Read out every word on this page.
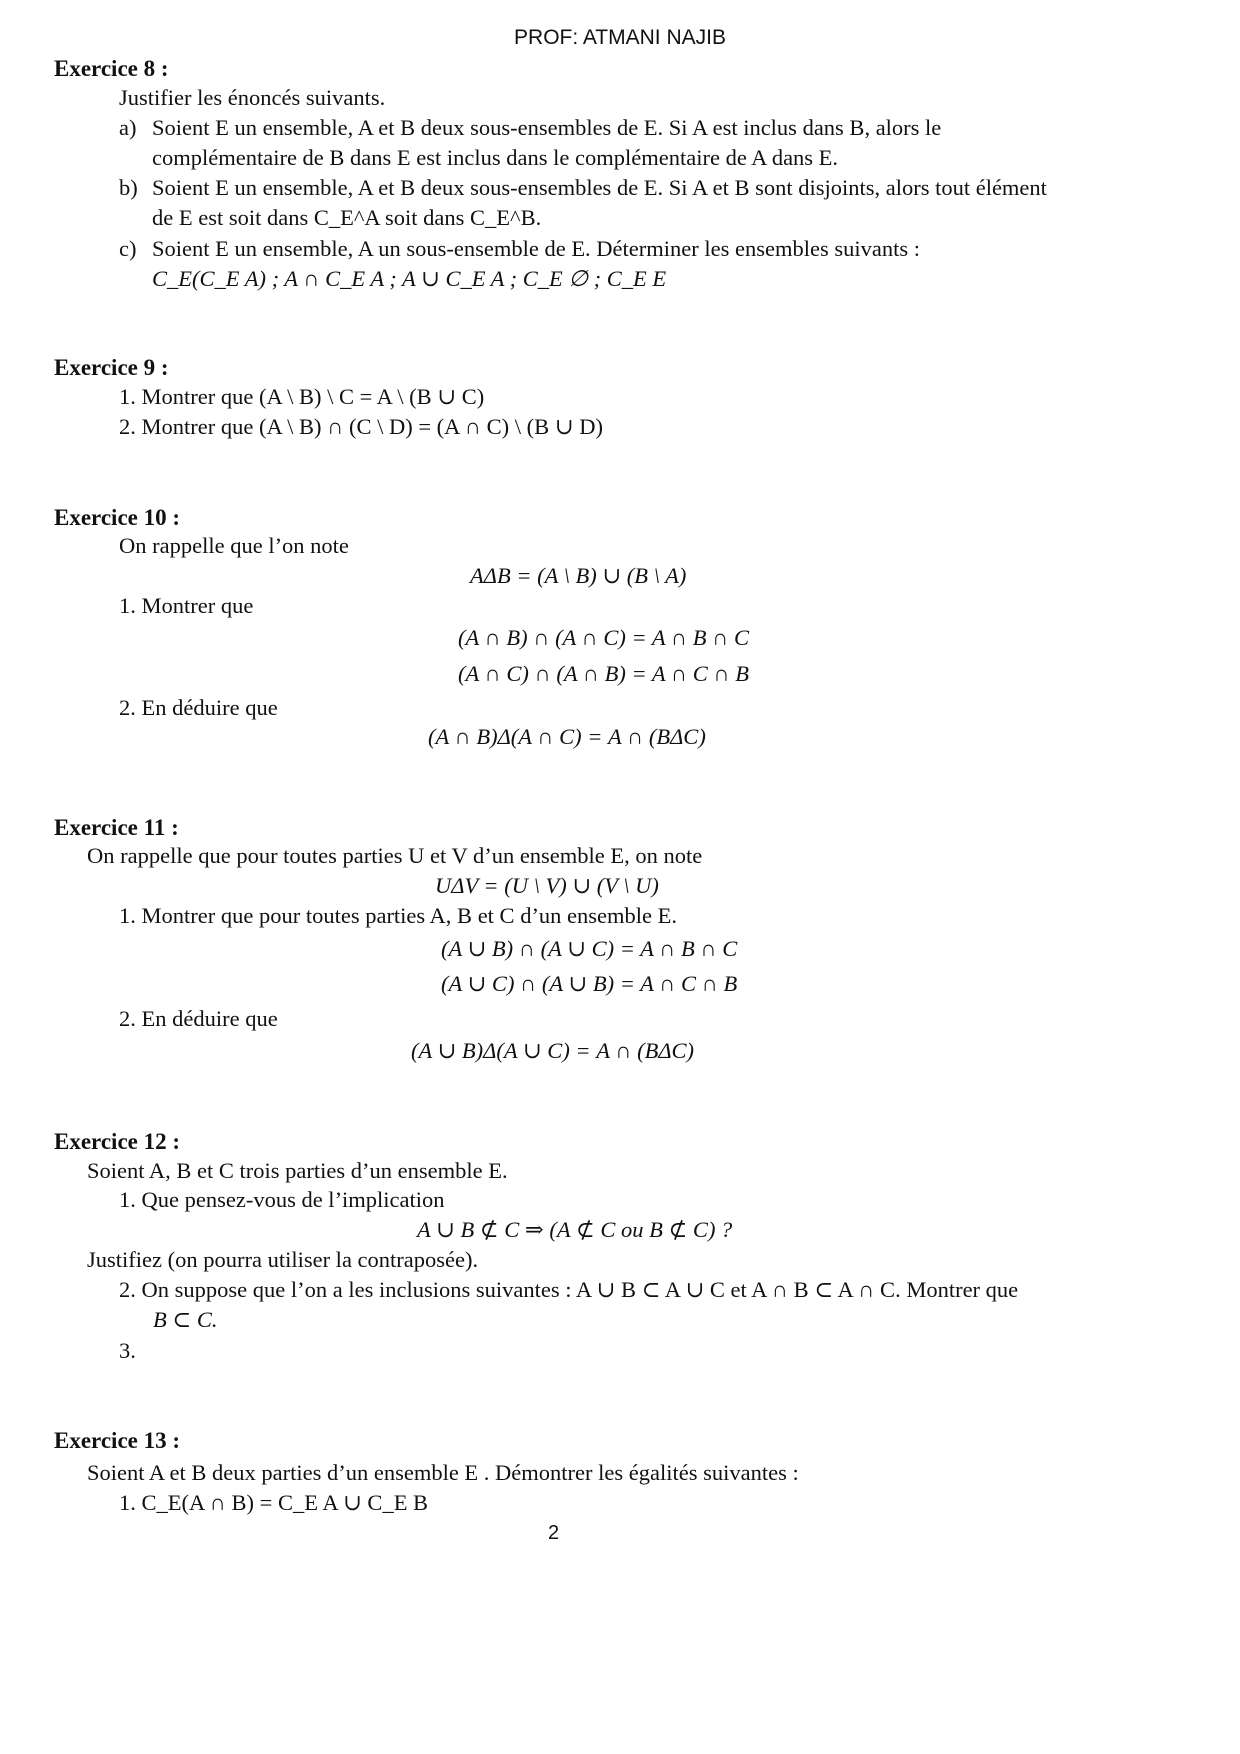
PROF: ATMANI NAJIB
Exercice 8 :
Justifier les énoncés suivants.
a) Soient E un ensemble, A et B deux sous-ensembles de E. Si A est inclus dans B, alors le
complémentaire de B dans E est inclus dans le complémentaire de A dans E.
b) Soient E un ensemble, A et B deux sous-ensembles de E. Si A et B sont disjoints, alors tout élément
de E est soit dans C_E^A soit dans C_E^B.
c) Soient E un ensemble, A un sous-ensemble de E. Déterminer les ensembles suivants :
C_E(C_E A) ; A ∩ C_E A ; A ∪ C_E A ; C_E ∅ ; C_E E
Exercice 9 :
1. Montrer que (A \ B) \ C = A \ (B ∪ C)
2. Montrer que (A \ B) ∩ (C \ D) = (A ∩ C) \ (B ∪ D)
Exercice 10 :
On rappelle que l’on note
AΔB = (A \ B) ∪ (B \ A)
1. Montrer que
(A ∩ B) ∩ (A ∩ C) = A ∩ B ∩ C
(A ∩ C) ∩ (A ∩ B) = A ∩ C ∩ B
2. En déduire que
(A ∩ B)Δ(A ∩ C) = A ∩ (BΔC)
Exercice 11 :
On rappelle que pour toutes parties U et V d’un ensemble E, on note
UΔV = (U \ V) ∪ (V \ U)
1. Montrer que pour toutes parties A, B et C d’un ensemble E.
(A ∪ B) ∩ (A ∪ C) = A ∩ B ∩ C
(A ∪ C) ∩ (A ∪ B) = A ∩ C ∩ B
2. En déduire que
(A ∪ B)Δ(A ∪ C) = A ∩ (BΔC)
Exercice 12 :
Soient A, B et C trois parties d’un ensemble E.
1. Que pensez-vous de l’implication
A ∪ B ⊄ C ⇒ (A ⊄ C ou B ⊄ C) ?
Justifiez (on pourra utiliser la contraposée).
2. On suppose que l’on a les inclusions suivantes : A ∪ B ⊂ A ∪ C et A ∩ B ⊂ A ∩ C. Montrer que
B ⊂ C.
3.
Exercice 13 :
Soient A et B deux parties d’un ensemble E . Démontrer les égalités suivantes :
1. C_E(A ∩ B) = C_E A ∪ C_E B
2
